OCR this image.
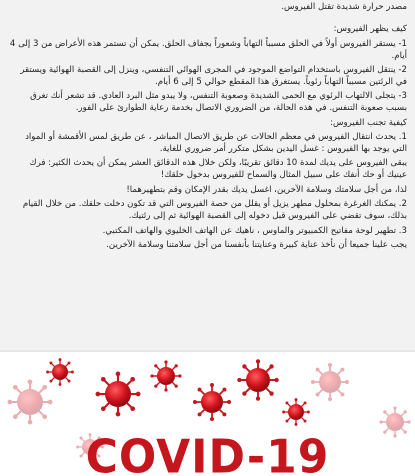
مصدر حرارة شديدة تقتل الفيروس.

كيف يظهر الفيروس:

1- يستقر الفيروس أولاً في الحلق مسبباً التهاباً وشعوراً بجفاف الحلق. يمكن أن تستمر هذه الأعراض من 3 إلى 4 أيام.

2- ينتقل الفيروس باستخدام التواضع الموجود في المجرى الهوائي التنفسي، وينزل إلى القصبة الهوائية ويستقر في الرئتين مسبباً التهاباً رئوياً. يستغرق هذا المقطع حوالي 5 إلى 6 أيام.

3- يتجلى الالتهاب الرئوي مع الحمى الشديدة وصعوبة التنفس، ولا يبدو مثل البرد العادي. قد تشعر أنك تغرق بسبب صعوبة التنفس. في هذه الحالة، من الضروري الاتصال بخدمة رعاية الطوارئ على الفور.

كيفية تجنب الفيروس:

1. يحدث انتقال الفيروس في معظم الحالات عن طريق الاتصال المباشر ، عن طريق لمس الأقمشة أو المواد التي يوجد بها الفيروس : غسل اليدين بشكل متكرر أمر ضروري للغاية.

يبقى الفيروس على يديك لمدة 10 دقائق تقريبًا، ولكن خلال هذه الدقائق العشر يمكن أن يحدث الكثير: فرك عينيك أو حك أنفك على سبيل المثال والسماح للفيروس بدخول حلقك!

لذا، من أجل سلامتك وسلامة الآخرين، اغسل يديك بقدر الإمكان وقم بتطهيرهما!

2. يمكنك الغرغرة بمحلول مطهر يزيل أو يقلل من حصة الفيروس التي قد تكون دخلت حلقك. من خلال القيام بذلك، سوف تقضي على الفيروس قبل دخوله إلى القصبة الهوائية ثم إلى رئتيك.

3. تطهير لوحة مفاتيح الكمبيوتر والماوس ، ناهيك عن الهاتف الخليوي والهاتف المكتبي.

يجب علينا جميعا أن نأخذ عناية كبيرة وعنايتنا بأنفسنا من أجل سلامتنا وسلامة الآخرين.

COVID-19
